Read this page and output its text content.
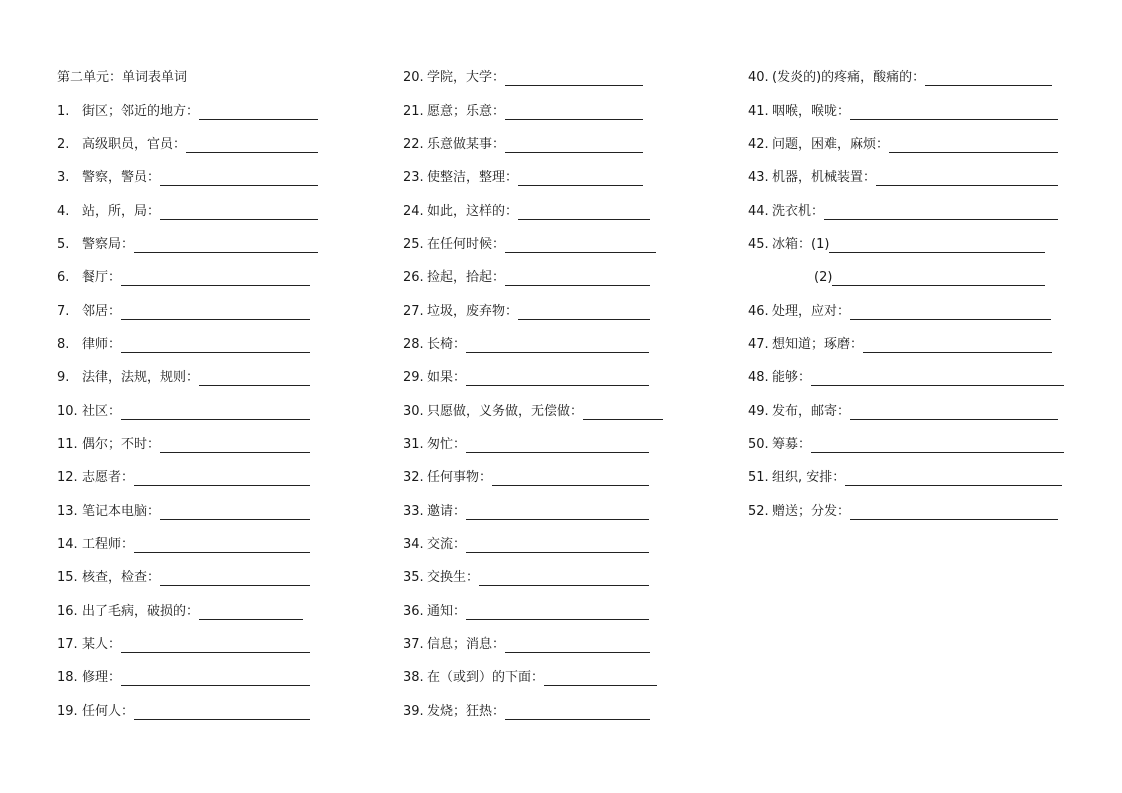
第二单元：单词表单词
1. 街区；邻近的地方：
2. 高级职员，官员：
3. 警察，警员：
4. 站，所，局：
5. 警察局：
6. 餐厅：
7. 邻居：
8. 律师：
9. 法律，法规，规则：
10. 社区：
11. 偶尔；不时：
12. 志愿者：
13. 笔记本电脑：
14. 工程师：
15. 核查，检查：
16. 出了毛病，破损的：
17. 某人：
18. 修理：
19. 任何人：
20. 学院，大学：
21. 愿意；乐意：
22. 乐意做某事：
23. 使整洁，整理：
24. 如此，这样的：
25. 在任何时候：
26. 捡起，拾起：
27. 垃圾，废弃物：
28. 长椅：
29. 如果：
30. 只愿做，义务做，无偿做：
31. 匆忙：
32. 任何事物：
33. 邀请：
34. 交流：
35. 交换生：
36. 通知：
37. 信息；消息：
38. 在（或到）的下面：
39. 发烧；狂热：
40. (发炎的)的疼痛，酸痛的：
41. 咽喉，喉咙：
42. 问题，困难，麻烦：
43. 机器，机械装置：
44. 洗衣机：
45. 冰箱：(1)
(2)
46. 处理，应对：
47. 想知道；琢磨：
48. 能够：
49. 发布，邮寄：
50. 筹募：
51. 组织, 安排：
52. 赠送；分发：
